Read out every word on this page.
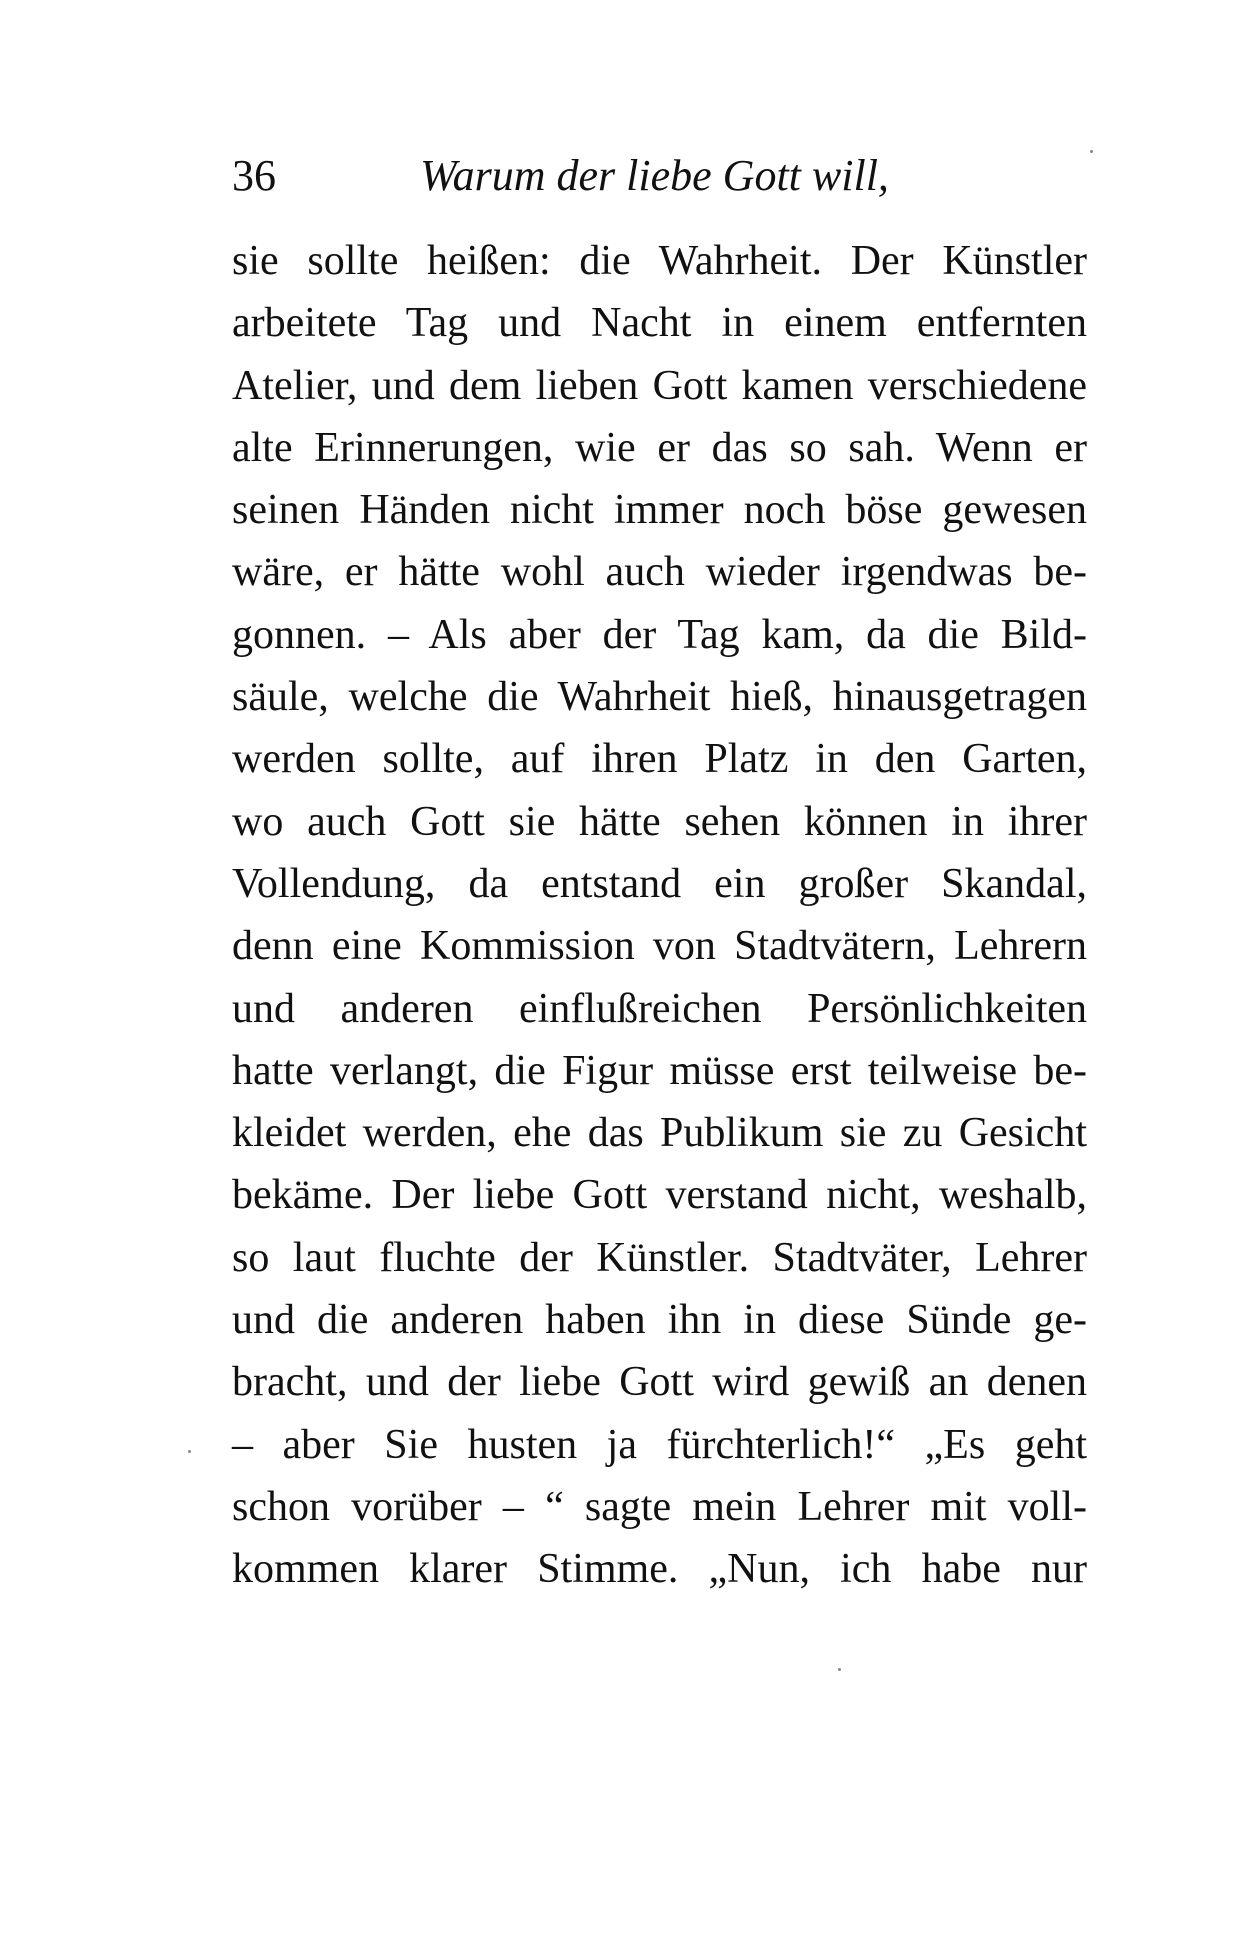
36	Warum der liebe Gott will,
sie sollte heißen: die Wahrheit. Der Künstler
arbeitete Tag und Nacht in einem entfernten
Atelier, und dem lieben Gott kamen verschiedene
alte Erinnerungen, wie er das so sah. Wenn er
seinen Händen nicht immer noch böse gewesen
wäre, er hätte wohl auch wieder irgendwas be-
gonnen. – Als aber der Tag kam, da die Bild-
säule, welche die Wahrheit hieß, hinausgetragen
werden sollte, auf ihren Platz in den Garten,
wo auch Gott sie hätte sehen können in ihrer
Vollendung, da entstand ein großer Skandal,
denn eine Kommission von Stadtvätern, Lehrern
und anderen einflußreichen Persönlichkeiten
hatte verlangt, die Figur müsse erst teilweise be-
kleidet werden, ehe das Publikum sie zu Gesicht
bekäme. Der liebe Gott verstand nicht, weshalb,
so laut fluchte der Künstler. Stadtväter, Lehrer
und die anderen haben ihn in diese Sünde ge-
bracht, und der liebe Gott wird gewiß an denen
– aber Sie husten ja fürchterlich!“ „Es geht
schon vorüber – “ sagte mein Lehrer mit voll-
kommen klarer Stimme. „Nun, ich habe nur
